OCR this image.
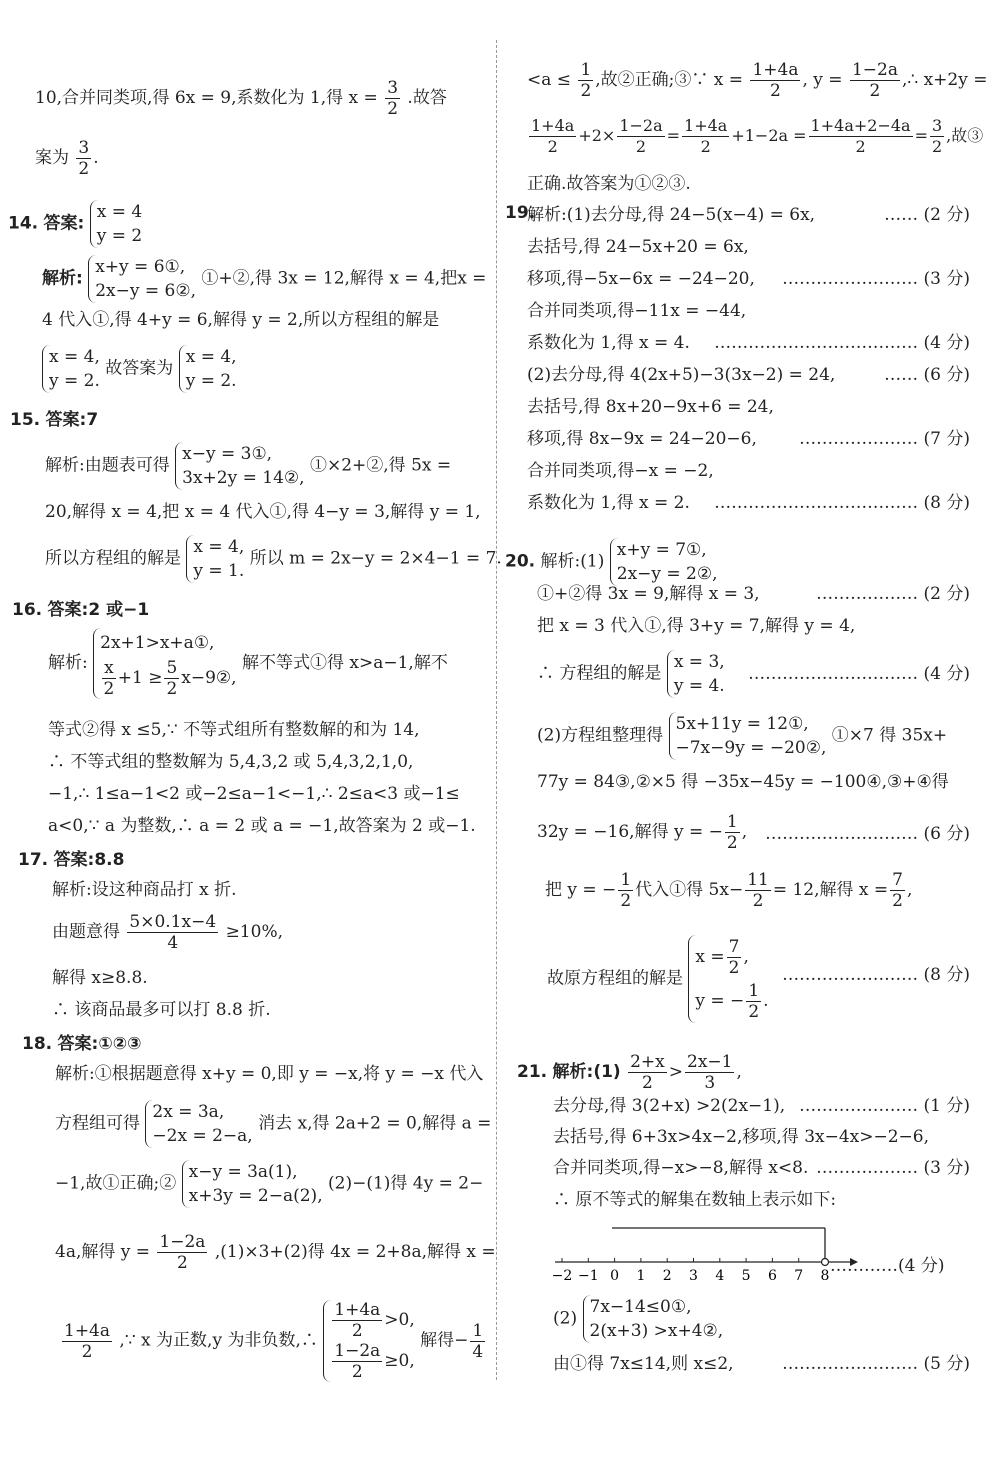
10,合并同类项,得 6x = 9,系数化为 1,得 $x = \frac{3}{2}$ .故答
案为 $\frac{3}{2}$ .
14. 答案:
x = 4
y = 2
解析:
x+y = 6①,
2x−y = 6②,
①+②,得 3x = 12,解得 x = 4,把x =
4 代入①,得 4+y = 6,解得 y = 2,所以方程组的解是
x = 4,
y = 2.
故答案为
x = 4,
y = 2.
15. 答案:7
解析:由题表可得
x−y = 3①,
3x+2y = 14②,
①×2+②,得 5x =
20,解得 x = 4,把 x = 4 代入①,得 4−y = 3,解得 y = 1,
所以方程组的解是
x = 4,
y = 1.
所以 m = 2x−y = 2×4−1 = 7.
16. 答案:2 或−1
解析:
2x+1>x+a①,
$\frac{x}{2} +1 \ge \frac{5}{2}$ x−9②,
解不等式①得 x>a−1,解不
等式②得 x ≤5,∵ 不等式组所有整数解的和为 14,
∴ 不等式组的整数解为 5,4,3,2 或 5,4,3,2,1,0,
−1,∴ 1≤a−1<2 或−2≤a−1<−1,∴ 2≤a<3 或−1≤
a<0,∵ a 为整数,∴ a = 2 或 a = −1,故答案为 2 或−1.
17. 答案:8.8
解析:设这种商品打 x 折.
由题意得 $\frac{5\times 0.1x-4}{4} \ge 10\%$,
解得 x≥8.8.
∴ 该商品最多可以打 8.8 折.
18. 答案:①②③
解析:①根据题意得 x+y = 0,即 y = −x,将 y = −x 代入
方程组可得
2x = 3a,
−2x = 2−a,
消去 x,得 2a+2 = 0,解得 a =
−1,故①正确;②
x−y = 3a(1),
x+3y = 2−a(2),
(2)−(1)得 4y = 2−
4a,解得 $y = \frac{1-2a}{2} ,(1)\times 3+(2)$得 4x = 2+8a,解得 x =
$\frac{1+4a}{2}$ ,∵ x 为正数,y 为非负数,∴ $\frac{1+4a}{2} >0$,
$\frac{1-2a}{2} \ge 0$,
解得− $\frac{1}{4}$
$<a \le \frac{1}{2}$ ,故②正确;③∵ $x = \frac{1+4a}{2}$ , $y = \frac{1-2a}{2}$ ,∴ x+2y =
$\frac{1+4a}{2} +2\times \frac{1-2a}{2} = \frac{1+4a}{2} +1-2a = \frac{1+4a+2-4a}{2} = \frac{3}{2}$ ,故③
正确.故答案为①②③.
19.
解析:(1)去分母,得 24−5(x−4) = 6x,	…… (2 分)
去括号,得 24−5x+20 = 6x,
移项,得−5x−6x = −24−20, …………………… (3 分)
合并同类项,得−11x = −44,
系数化为 1,得 x = 4. ……………………………… (4 分)
(2)去分母,得 4(2x+5)−3(3x−2) = 24,	…… (6 分)
去括号,得 8x+20−9x+6 = 24,
移项,得 8x−9x = 24−20−6, ………………… (7 分)
合并同类项,得−x = −2,
系数化为 1,得 x = 2. ……………………………… (8 分)
20. 解析:(1)
x+y = 7①,
2x−y = 2②,
①+②得 3x = 9,解得 x = 3,	……………… (2 分)
把 x = 3 代入①,得 3+y = 7,解得 y = 4,
∴ 方程组的解是
x = 3,
y = 4.
………………………… (4 分)
(2)方程组整理得
5x+11y = 12①,
−7x−9y = −20②,
①×7 得 35x+
77y = 84③,②×5 得 −35x−45y = −100④,③+④得
32y = −16,解得 y = − $\frac{1}{2}$ , ……………………… (6 分)
把 y = − $\frac{1}{2}$ 代入①得 $5x- \frac{11}{2} = 12$,解得 $x = \frac{7}{2}$ ,
故原方程组的解是
$x = \frac{7}{2}$ ,
y = − $\frac{1}{2}$ .
…………………… (8 分)
21. 解析:(1) $\frac{2+x}{2} > \frac{2x-1}{3}$ ,
去分母,得 3(2+x) >2(2x−1), ………………… (1 分)
去括号,得 6+3x>4x−2,移项,得 3x−4x>−2−6,
合并同类项,得−x>−8,解得 x<8. ……………… (3 分)
∴ 原不等式的解集在数轴上表示如下:
−2 −1 0 1 2 3 4 5 6 7 8 …………(4 分)
(2)
7x−14≤0①,
2(x+3) >x+4②,
由①得 7x≤14,则 x≤2,	…………………… (5 分)
